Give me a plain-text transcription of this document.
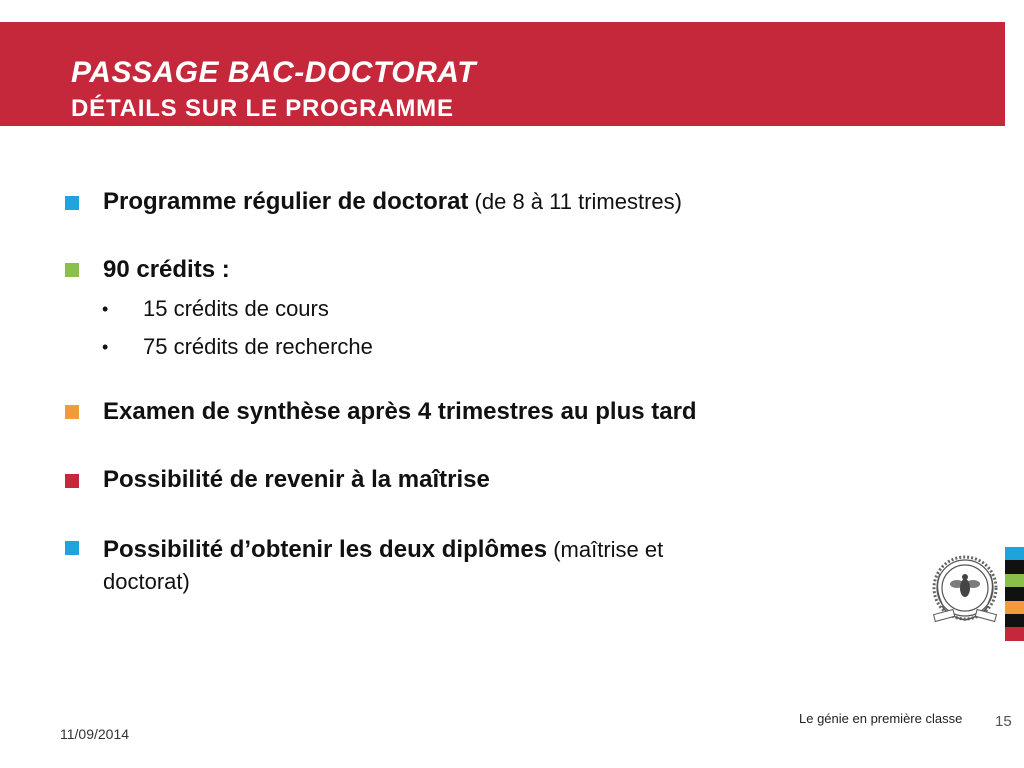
PASSAGE BAC-DOCTORAT
DÉTAILS SUR LE PROGRAMME
Programme régulier de doctorat (de 8 à 11 trimestres)
90 crédits :
• 15 crédits de cours
• 75 crédits de recherche
Examen de synthèse après 4 trimestres au plus tard
Possibilité de revenir à la maîtrise
Possibilité d’obtenir les deux diplômes (maîtrise et
doctorat)
11/09/2014
Le génie en première classe 15
